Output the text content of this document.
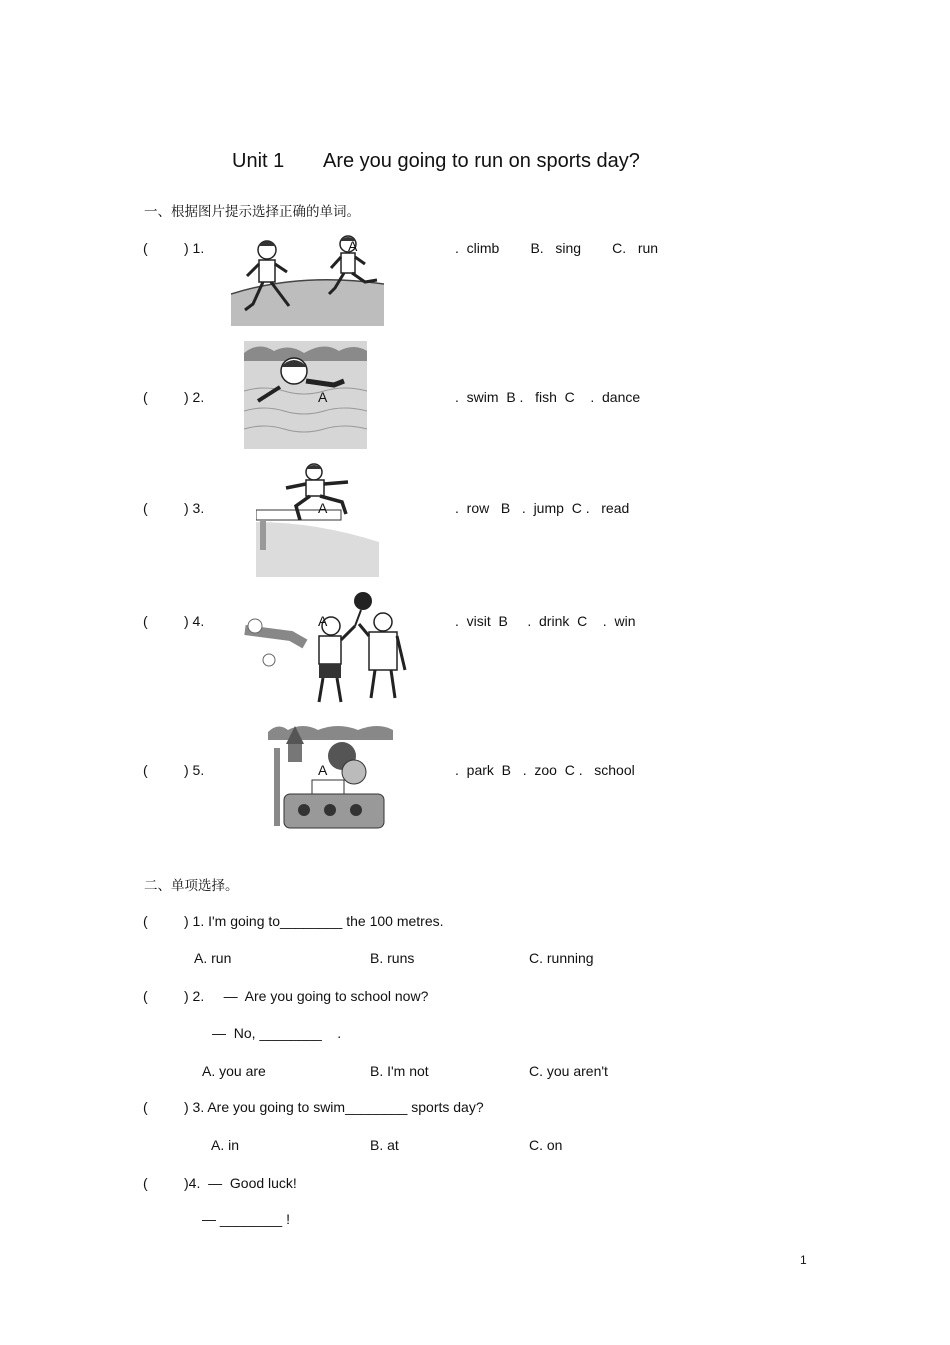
Unit 1 Are you going to run on sports day?
一、根据图片提示选择正确的单词。
(	) 1.	A	.  climb        B.   sing        C.   run
(	) 2.	A	.  swim  B .   fish  C    .  dance
(	) 3.	A	.  row   B   .  jump  C .   read
(	) 4.	A	.  visit  B     .  drink  C    .  win
(	) 5.	A	.  park  B   .  zoo  C .   school
二、单项选择。
(	) 1. I'm going to________ the 100 metres.
A. run	B. runs	C. running
(	) 2.     —  Are you going to school now?
—  No, ________    .
A. you are	B. I'm not	C. you aren't
(	) 3. Are you going to swim________ sports day?
A. in	B. at	C. on
(	)4.  —  Good luck!
— ________ !
1
